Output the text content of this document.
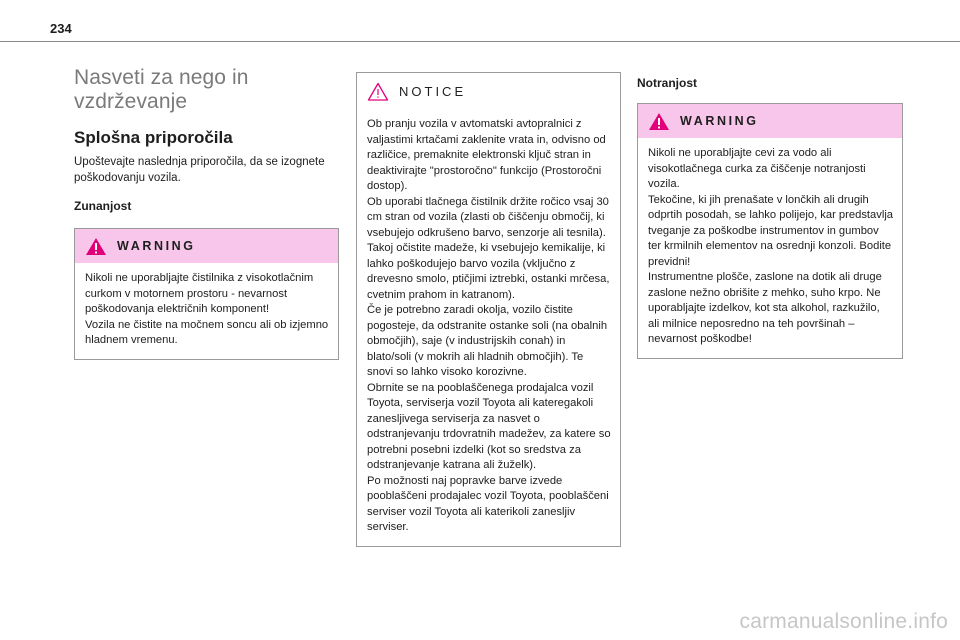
234
Nasveti za nego in
vzdrževanje
Splošna priporočila

Upoštevajte naslednja priporočila, da se izognete poškodovanju vozila.

Zunanjost
WARNING

Nikoli ne uporabljajte čistilnika z visokotlačnim curkom v motornem prostoru - nevarnost poškodovanja električnih komponent!

Vozila ne čistite na močnem soncu ali ob izjemno hladnem vremenu.

NOTICE

Ob pranju vozila v avtomatski avtopralnici z valjastimi krtačami zaklenite vrata in, odvisno od različice, premaknite elektronski ključ stran in deaktivirajte "prostoročno" funkcijo (Prostoročni dostop).

Ob uporabi tlačnega čistilnik držite ročico vsaj 30 cm stran od vozila (zlasti ob čiščenju območij, ki vsebujejo odkrušeno barvo, senzorje ali tesnila).

Takoj očistite madeže, ki vsebujejo kemikalije, ki lahko poškodujejo barvo vozila (vključno z drevesno smolo, ptičjimi iztrebki, ostanki mrčesa, cvetnim prahom in katranom).

Če je potrebno zaradi okolja, vozilo čistite pogosteje, da odstranite ostanke soli (na obalnih območjih), saje (v industrijskih conah) in blato/soli (v mokrih ali hladnih območjih). Te snovi so lahko visoko korozivne.

Obrnite se na pooblaščenega prodajalca vozil Toyota, serviserja vozil Toyota ali kateregakoli zanesljivega serviserja za nasvet o odstranjevanju trdovratnih madežev, za katere so potrebni posebni izdelki (kot so sredstva za odstranjevanje katrana ali žuželk).

Po možnosti naj popravke barve izvede pooblaščeni prodajalec vozil Toyota, pooblaščeni serviser vozil Toyota ali katerikoli zanesljiv serviser.

Notranjost
WARNING

Nikoli ne uporabljajte cevi za vodo ali visokotlačnega curka za čiščenje notranjosti vozila.

Tekočine, ki jih prenašate v lončkih ali drugih odprtih posodah, se lahko polijejo, kar predstavlja tveganje za poškodbe instrumentov in gumbov ter krmilnih elementov na osrednji konzoli. Bodite previdni!

Instrumentne plošče, zaslone na dotik ali druge zaslone nežno obrišite z mehko, suho krpo. Ne uporabljajte izdelkov, kot sta alkohol, razkužilo, ali milnice neposredno na teh površinah – nevarnost poškodbe!

carmanualsonline.info
